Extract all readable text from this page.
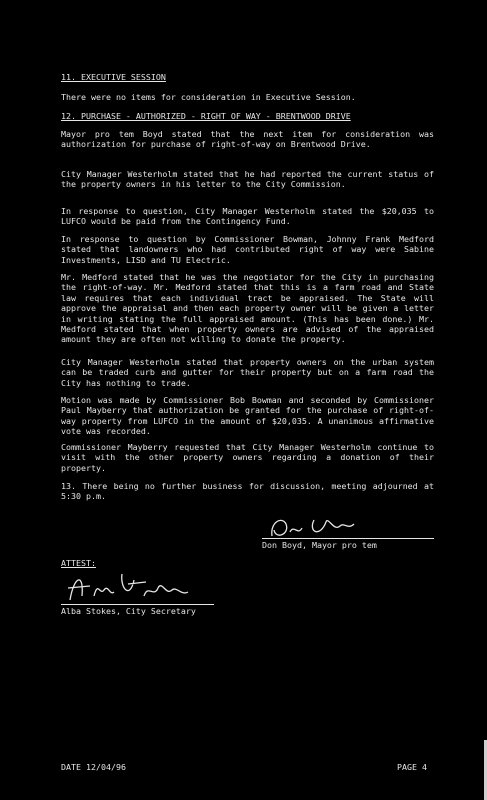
11. EXECUTIVE SESSION

There were no items for consideration in Executive Session.

12. PURCHASE - AUTHORIZED - RIGHT OF WAY - BRENTWOOD DRIVE

Mayor pro tem Boyd stated that the next item for consideration was authorization for purchase of right-of-way on Brentwood Drive.

City Manager Westerholm stated that he had reported the current status of the property owners in his letter to the City Commission.

In response to question, City Manager Westerholm stated the $20,035 to LUFCO would be paid from the Contingency Fund.

In response to question by Commissioner Bowman, Johnny Frank Medford stated that landowners who had contributed right of way were Sabine Investments, LISD and TU Electric.

Mr. Medford stated that he was the negotiator for the City in purchasing the right-of-way. Mr. Medford stated that this is a farm road and State law requires that each individual tract be appraised. The State will approve the appraisal and then each property owner will be given a letter in writing stating the full appraised amount. (This has been done.) Mr. Medford stated that when property owners are advised of the appraised amount they are often not willing to donate the property.

City Manager Westerholm stated that property owners on the urban system can be traded curb and gutter for their property but on a farm road the City has nothing to trade.

Motion was made by Commissioner Bob Bowman and seconded by Commissioner Paul Mayberry that authorization be granted for the purchase of right-of-way property from LUFCO in the amount of $20,035. A unanimous affirmative vote was recorded.

Commissioner Mayberry requested that City Manager Westerholm continue to visit with the other property owners regarding a donation of their property.

13. There being no further business for discussion, meeting adjourned at 5:30 p.m.

Don Boyd, Mayor pro tem
ATTEST:
Alba Stokes, City Secretary
DATE 12/04/96	PAGE 4
